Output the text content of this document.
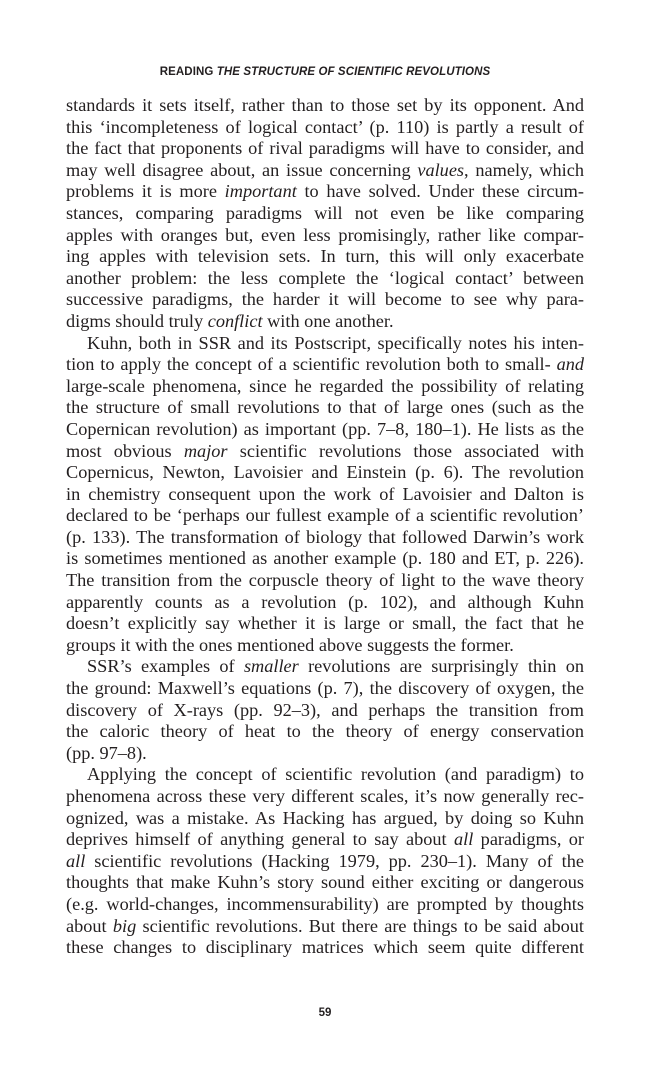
READING THE STRUCTURE OF SCIENTIFIC REVOLUTIONS
standards it sets itself, rather than to those set by its opponent. And
this ‘incompleteness of logical contact’ (p. 110) is partly a result of
the fact that proponents of rival paradigms will have to consider, and
may well disagree about, an issue concerning values, namely, which
problems it is more important to have solved. Under these circum-
stances, comparing paradigms will not even be like comparing
apples with oranges but, even less promisingly, rather like compar-
ing apples with television sets. In turn, this will only exacerbate
another problem: the less complete the ‘logical contact’ between
successive paradigms, the harder it will become to see why para-
digms should truly conflict with one another.
Kuhn, both in SSR and its Postscript, specifically notes his inten-
tion to apply the concept of a scientific revolution both to small- and
large-scale phenomena, since he regarded the possibility of relating
the structure of small revolutions to that of large ones (such as the
Copernican revolution) as important (pp. 7–8, 180–1). He lists as the
most obvious major scientific revolutions those associated with
Copernicus, Newton, Lavoisier and Einstein (p. 6). The revolution
in chemistry consequent upon the work of Lavoisier and Dalton is
declared to be ‘perhaps our fullest example of a scientific revolution’
(p. 133). The transformation of biology that followed Darwin’s work
is sometimes mentioned as another example (p. 180 and ET, p. 226).
The transition from the corpuscle theory of light to the wave theory
apparently counts as a revolution (p. 102), and although Kuhn
doesn’t explicitly say whether it is large or small, the fact that he
groups it with the ones mentioned above suggests the former.
SSR’s examples of smaller revolutions are surprisingly thin on
the ground: Maxwell’s equations (p. 7), the discovery of oxygen, the
discovery of X-rays (pp. 92–3), and perhaps the transition from
the caloric theory of heat to the theory of energy conservation
(pp. 97–8).
Applying the concept of scientific revolution (and paradigm) to
phenomena across these very different scales, it’s now generally rec-
ognized, was a mistake. As Hacking has argued, by doing so Kuhn
deprives himself of anything general to say about all paradigms, or
all scientific revolutions (Hacking 1979, pp. 230–1). Many of the
thoughts that make Kuhn’s story sound either exciting or dangerous
(e.g. world-changes, incommensurability) are prompted by thoughts
about big scientific revolutions. But there are things to be said about
these changes to disciplinary matrices which seem quite different
59
